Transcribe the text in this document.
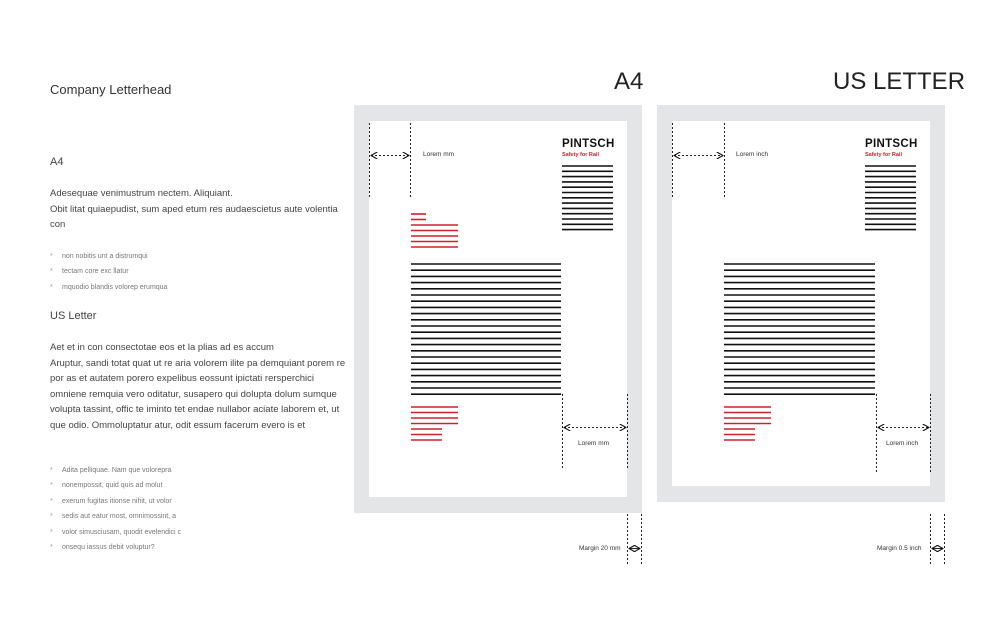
Company Letterhead
A4
Adesequae venimustrum nectem. Aliquiant.
Obit litat quiaepudist, sum aped etum res audaescietus aute volentia con
* non nobitis unt a distrumqui
* tectam core exc llatur
* mquodio blandis volorep erumqua
US Letter
Aet et in con consectotae eos et la plias ad es accum
Aruptur, sandi totat quat ut re aria volorem ilite pa demquiant porem re por as et autatem porero expelibus eossunt ipictati rersperchici omniene remquia vero oditatur, susapero qui dolupta dolum sumque volupta tassint, offic te iminto tet endae nullabor aciate laborem et, ut que odio. Ommoluptatur atur, odit essum facerum evero is et
* Adita pelliquae. Nam que volorepra
* nonempossit, quid quis ad molut
* exerum fugitas itionse nihit, ut volor
* sedis aut eatur most, omnimossint, a
* volor simusciusam, quodit evelendici c
* onsequ iassus debit voluptur?
A4	US LETTER
PINTSCH
Safety for Rail
Lorem mm
Lorem mm
Margin 20 mm
PINTSCH
Safety for Rail
Lorem inch
Lorem inch
Margin 0.5 inch
